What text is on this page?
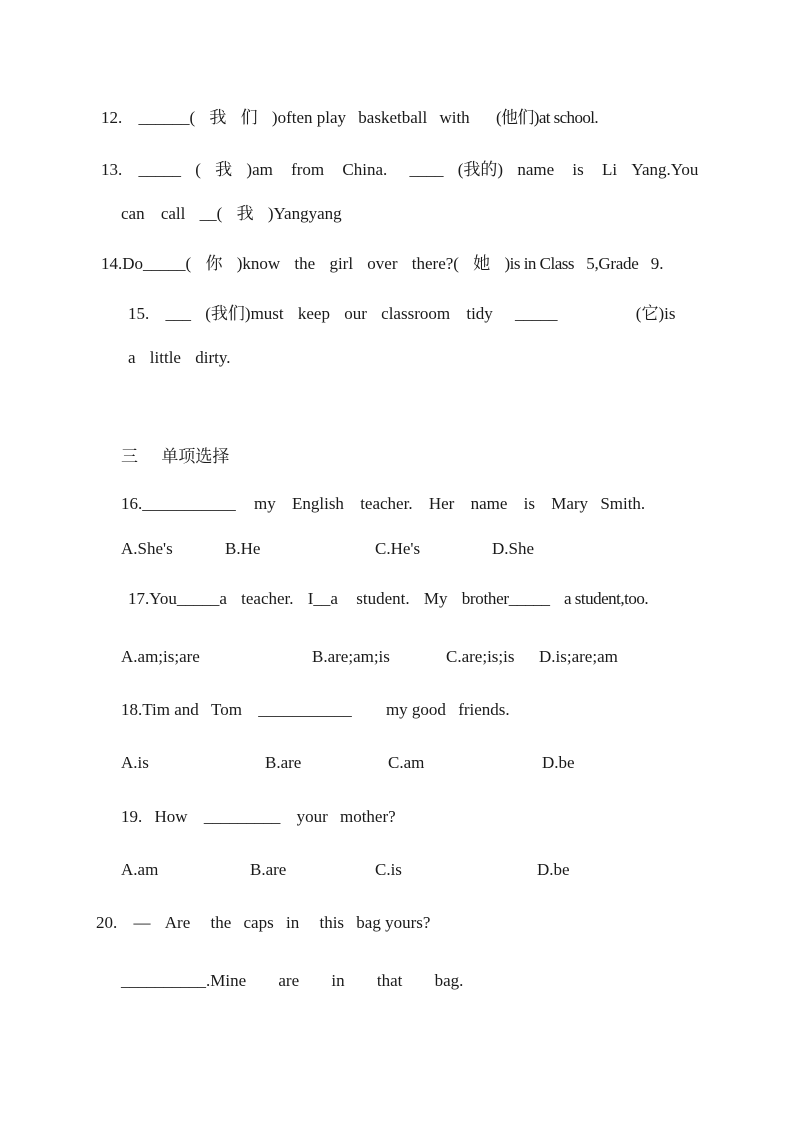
12. ______( 我 们 )often play basketball with (他们)at school.
13. _____ ( 我 )am from China. ____ (我的) name is Li Yang.You
can call __( 我 )Yangyang
14.Do_____( 你 )know the girl over there?( 她 )is in Class 5,Grade 9.
15. ___ (我们)must keep our classroom tidy _____	(它)is
a little dirty.
三 单项选择
16.___________ my English teacher. Her name is Mary Smith.
A.She's	B.He	C.He's	D.She
17.You_____a teacher. I__a student. My brother_____ a student,too.
A.am;is;are	B.are;am;is	C.are;is;is D.is;are;am
18.Tim and Tom ___________ my good friends.
A.is	B.are	C.am	D.be
19. How _________ your mother?
A.am	B.are	C.is	D.be
20. — Are the caps in this bag yours?
__________.Mine are in that bag.
